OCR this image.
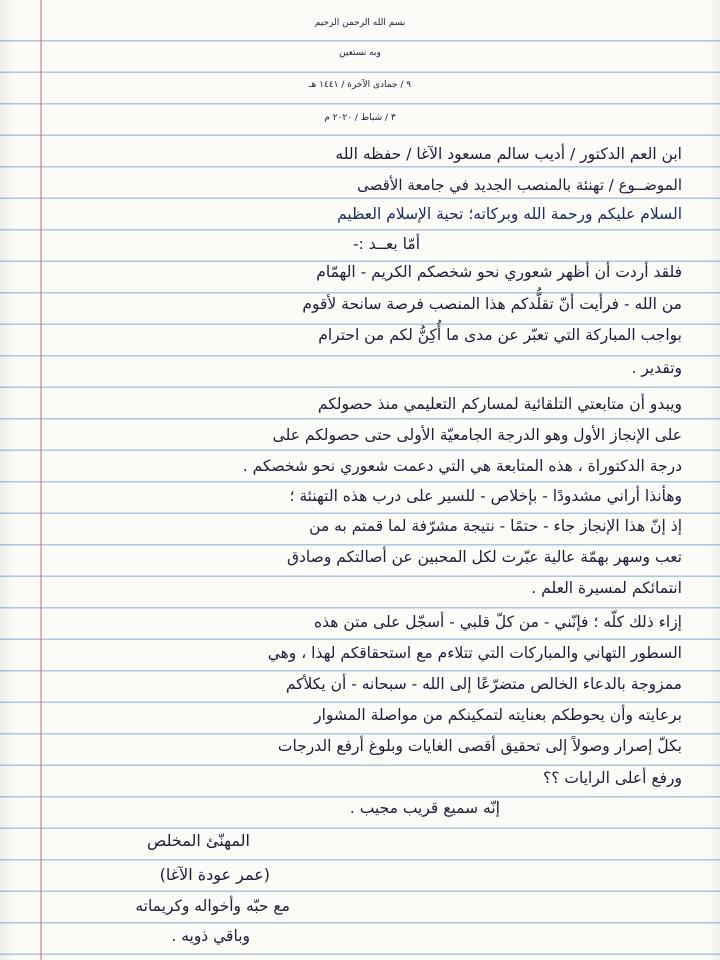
بسم الله الرحمن الرحيم
وبه نستعين
٩ / جمادى الآخرة / ١٤٤١ هـ
٣ / شباط / ٢٠٢٠ م
ابن العم الدكتور / أديب سالم مسعود الآغا / حفظه الله
الموضــوع / تهنئة بالمنصب الجديد في جامعة الأقصى
السلام عليكم ورحمة الله وبركاته؛ تحية الإسلام العظيم
أمّا بعــد :-
فلقد أردت أن أظهر شعوري نحو شخصكم الكريم - الهمّام
من الله - فرأيت أنّ تقلُّدكم هذا المنصب فرصة سانحة لأقوم
بواجب المباركة التي تعبّر عن مدى ما أُكِنُّ لكم من احترام
وتقدير .
ويبدو أن متابعتي التلقائية لمساركم التعليمي منذ حصولكم
على الإنجاز الأول وهو الدرجة الجامعيّة الأولى حتى حصولكم على
درجة الدكتوراة ، هذه المتابعة هي التي دعمت شعوري نحو شخصكم .
وهأنذا أراني مشدودًا - بإخلاص - للسير على درب هذه التهنئة ؛
إذ إنّ هذا الإنجاز جاء - حتمًا - نتيجة مشرّفة لما قمتم به من
تعب وسهر بهمّة عالية عبّرت لكل المحبين عن أصالتكم وصادق
انتمائكم لمسيرة العلم .
إزاء ذلك كلّه ؛ فإنّني - من كلّ قلبي - أسجّل على متن هذه
السطور التهاني والمباركات التي تتلاءم مع استحقاقكم لهذا ، وهي
ممزوجة بالدعاء الخالص متضرّعًا إلى الله - سبحانه - أن يكلأكم
برعايته وأن يحوطكم بعنايته لتمكينكم من مواصلة المشوار
بكلّ إصرار وصولاً إلى تحقيق أقصى الغايات وبلوغ أرفع الدرجات
ورفع أعلى الرايات ؟؟
إنّه سميع قريب مجيب .
المهنّئ المخلص
(عمر عودة الآغا)
مع حبّه وأخواله وكريماته
وباقي ذويه .
